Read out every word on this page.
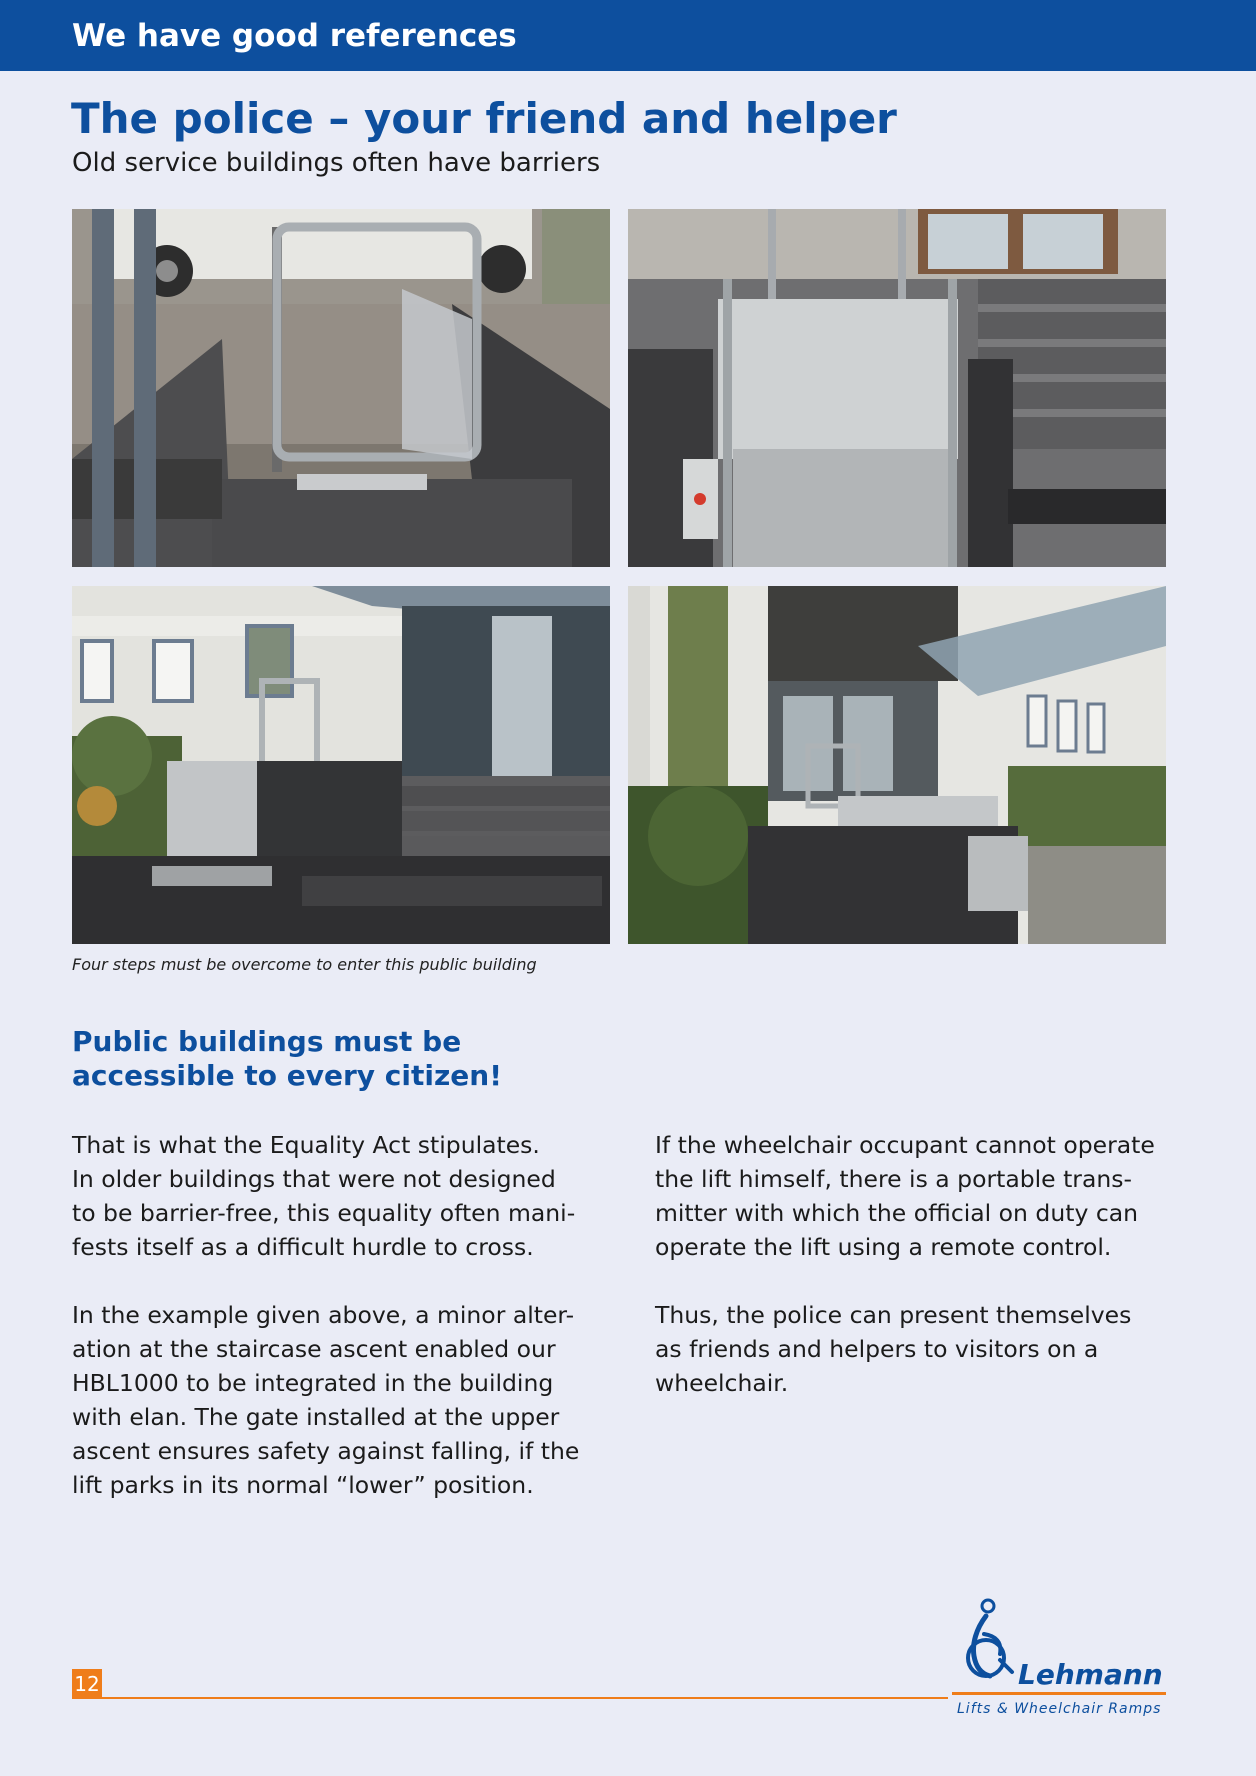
We have good references
The police – your friend and helper
Old service buildings often have barriers
Four steps must be overcome to enter this public building
Public buildings must be
accessible to every citizen!

That is what the Equality Act stipulates.
In older buildings that were not designed
to be barrier-free, this equality often mani-
fests itself as a difficult hurdle to cross.

In the example given above, a minor alter-
ation at the staircase ascent enabled our
HBL1000 to be integrated in the building
with elan. The gate installed at the upper
ascent ensures safety against falling, if the
lift parks in its normal “lower” position.

If the wheelchair occupant cannot operate
the lift himself, there is a portable trans-
mitter with which the official on duty can
operate the lift using a remote control.

Thus, the police can present themselves
as friends and helpers to visitors on a
wheelchair.

12	Lehmann
Lifts & Wheelchair Ramps
